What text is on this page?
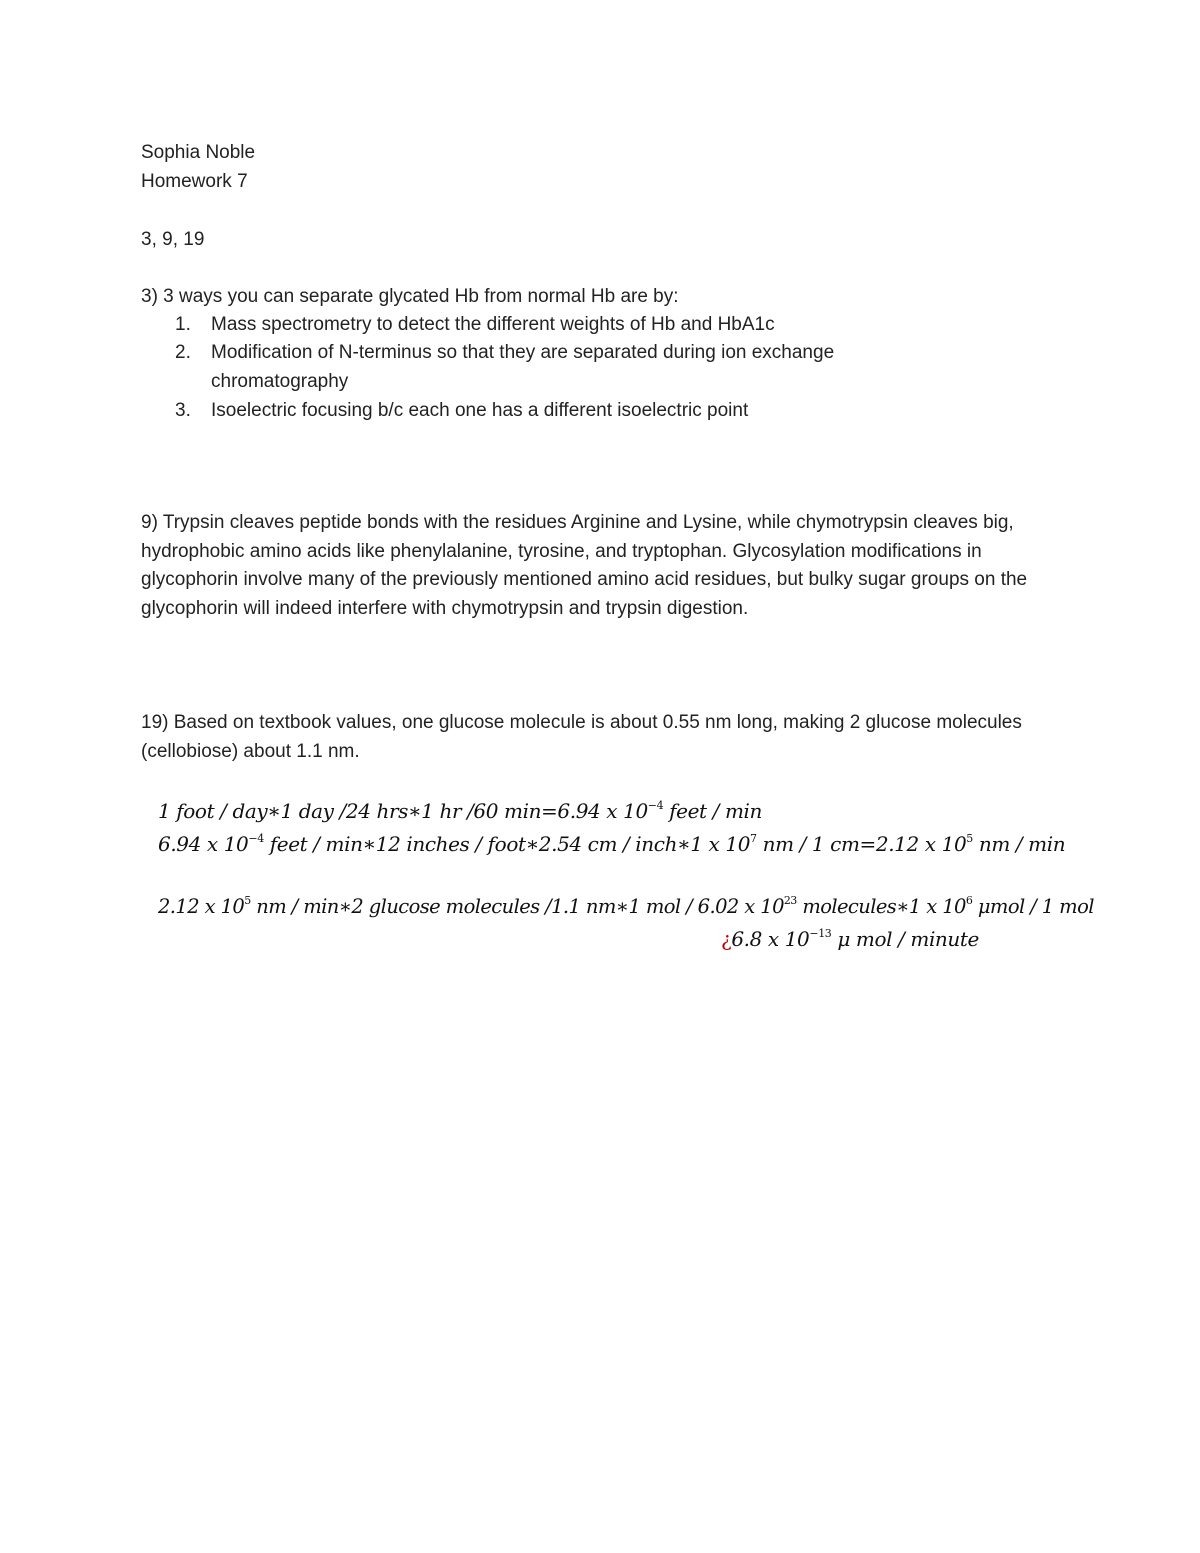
Sophia Noble
Homework 7
3, 9, 19
3) 3 ways you can separate glycated Hb from normal Hb are by:
1.	Mass spectrometry to detect the different weights of Hb and HbA1c
2.	Modification of N-terminus so that they are separated during ion exchange chromatography
3.	Isoelectric focusing b/c each one has a different isoelectric point

9) Trypsin cleaves peptide bonds with the residues Arginine and Lysine, while chymotrypsin cleaves big, hydrophobic amino acids like phenylalanine, tyrosine, and tryptophan. Glycosylation modifications in glycophorin involve many of the previously mentioned amino acid residues, but bulky sugar groups on the glycophorin will indeed interfere with chymotrypsin and trypsin digestion.

19) Based on textbook values, one glucose molecule is about 0.55 nm long, making 2 glucose molecules (cellobiose) about 1.1 nm.

1 foot / day∗1 day /24 hrs∗1 hr /60 min=6.94 x $10^{-4}$ feet / min
6.94 x $10^{-4}$ feet / min∗12 inches / foot∗2.54 cm / inch∗1 x $10^7$ nm / 1 cm=2.12 x $10^5$ nm / min
2.12 x $10^5$ nm / min∗2 glucose molecules /1.1 nm∗1 mol / 6.02 x $10^{23}$ molecules∗1 x $10^6$ μmol / 1 mol
¿6.8 x $10^{-13}$ μ mol / minute
